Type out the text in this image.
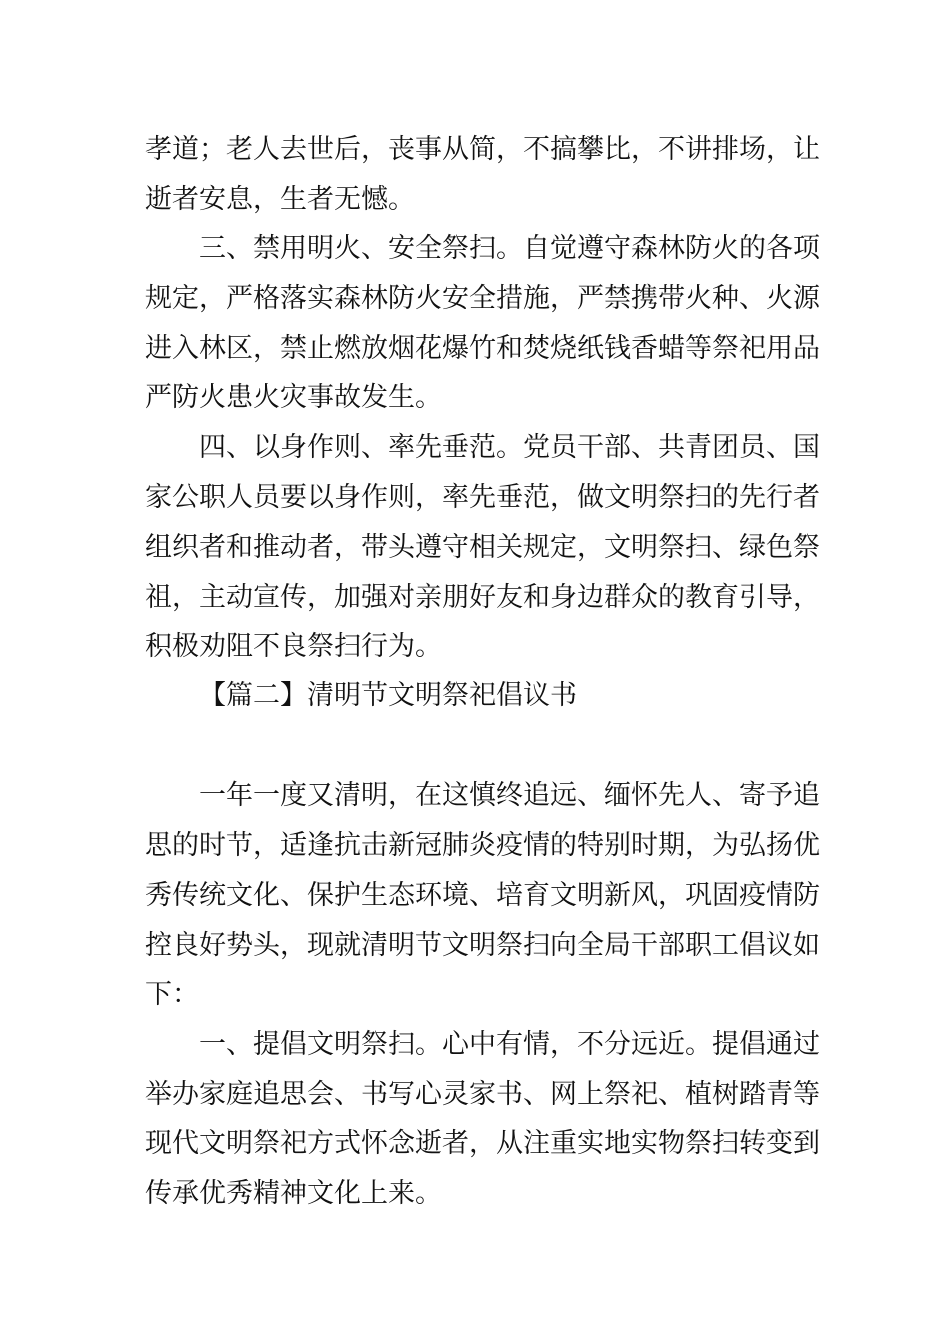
孝道；老人去世后，丧事从简，不搞攀比，不讲排场，让
逝者安息，生者无憾。
三、禁用明火、安全祭扫。自觉遵守森林防火的各项
规定，严格落实森林防火安全措施，严禁携带火种、火源
进入林区，禁止燃放烟花爆竹和焚烧纸钱香蜡等祭祀用品
严防火患火灾事故发生。
四、以身作则、率先垂范。党员干部、共青团员、国
家公职人员要以身作则，率先垂范，做文明祭扫的先行者
组织者和推动者，带头遵守相关规定，文明祭扫、绿色祭
祖，主动宣传，加强对亲朋好友和身边群众的教育引导，
积极劝阻不良祭扫行为。
【篇二】清明节文明祭祀倡议书
一年一度又清明，在这慎终追远、缅怀先人、寄予追
思的时节，适逢抗击新冠肺炎疫情的特别时期，为弘扬优
秀传统文化、保护生态环境、培育文明新风，巩固疫情防
控良好势头，现就清明节文明祭扫向全局干部职工倡议如
下：
一、提倡文明祭扫。心中有情，不分远近。提倡通过
举办家庭追思会、书写心灵家书、网上祭祀、植树踏青等
现代文明祭祀方式怀念逝者，从注重实地实物祭扫转变到
传承优秀精神文化上来。
